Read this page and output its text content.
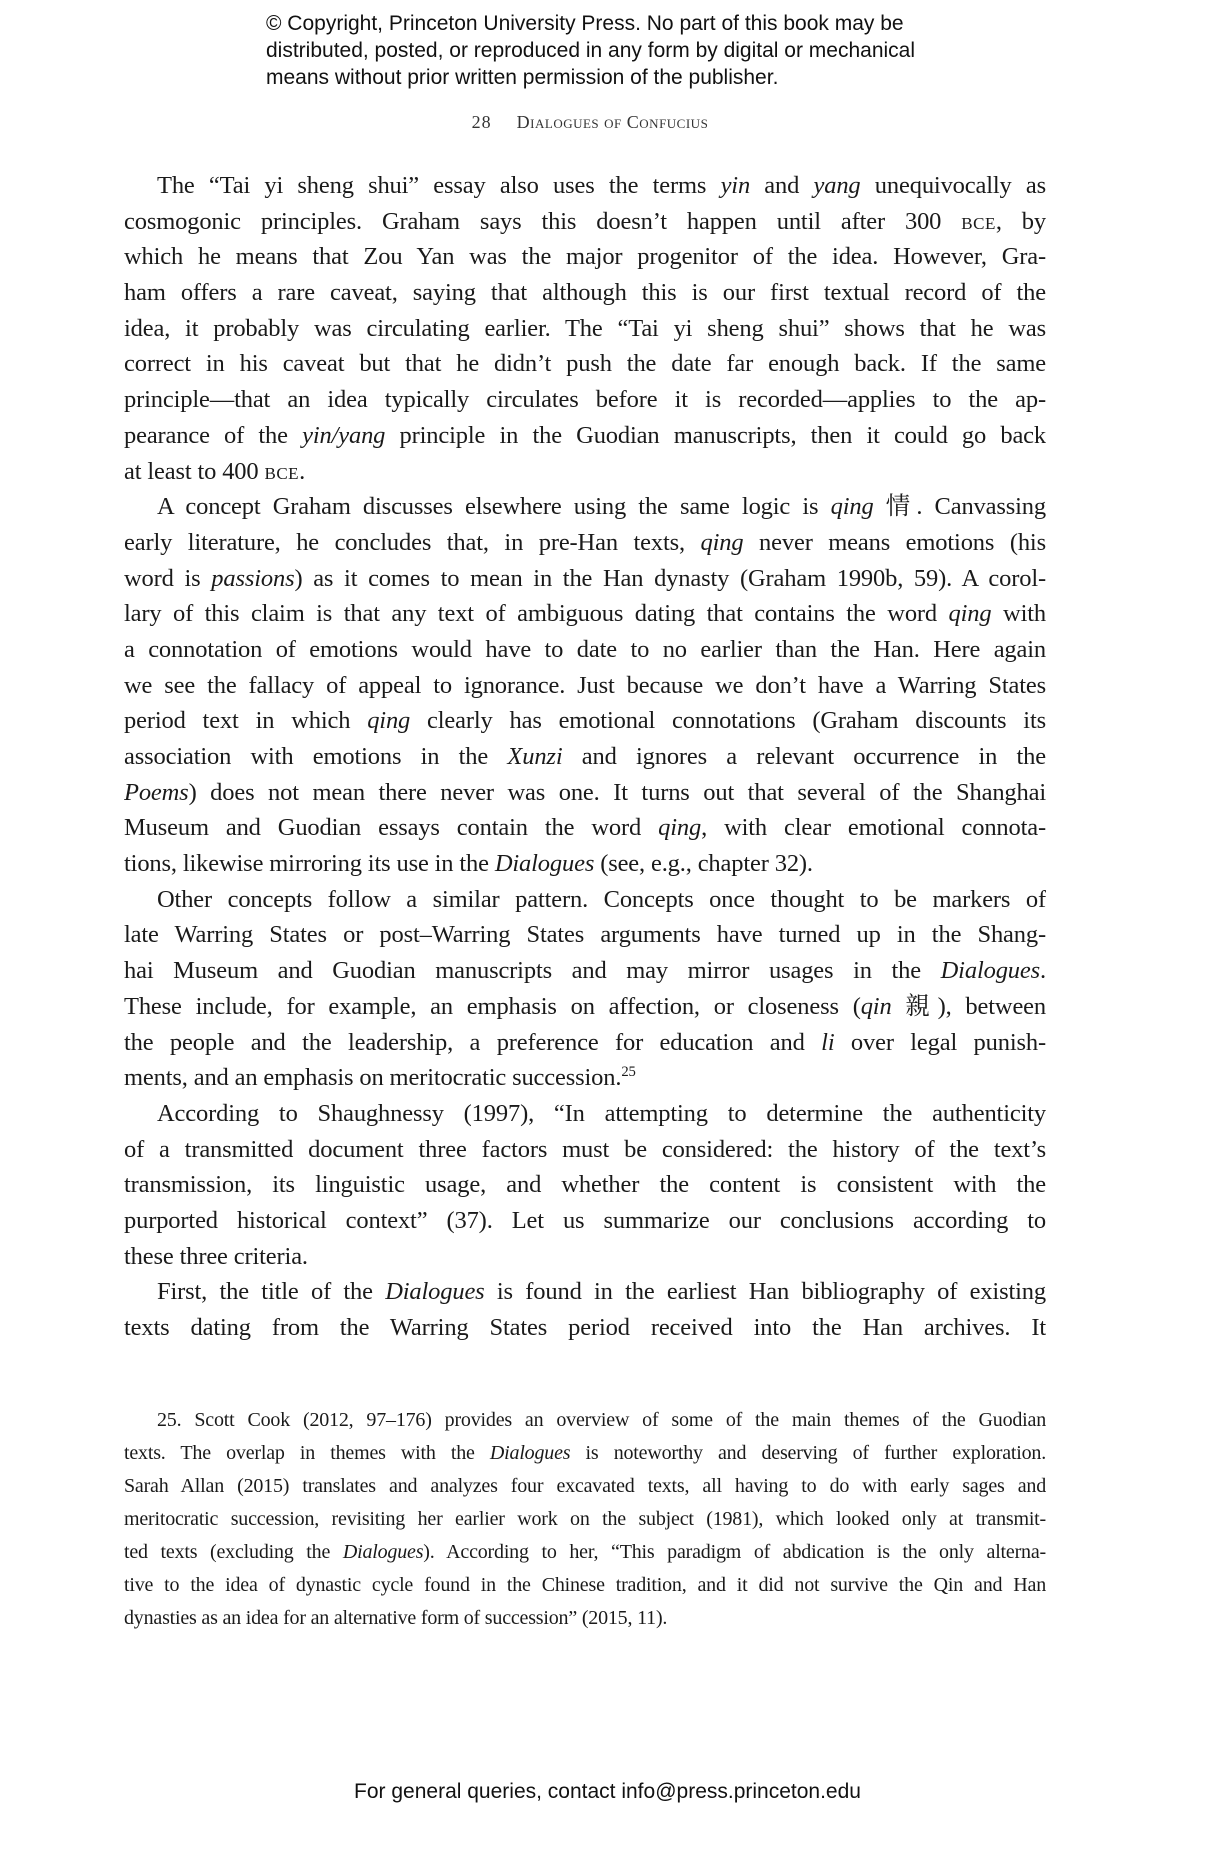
© Copyright, Princeton University Press. No part of this book may be
distributed, posted, or reproduced in any form by digital or mechanical
means without prior written permission of the publisher.
28 Dialogues of Confucius
The “Tai yi sheng shui” essay also uses the terms yin and yang unequivocally as
cosmogonic principles. Graham says this doesn’t happen until after 300 bce, by
which he means that Zou Yan was the major progenitor of the idea. However, Gra-
ham offers a rare caveat, saying that although this is our first textual record of the
idea, it probably was circulating earlier. The “Tai yi sheng shui” shows that he was
correct in his caveat but that he didn’t push the date far enough back. If the same
principle—that an idea typically circulates before it is recorded—applies to the ap-
pearance of the yin/yang principle in the Guodian manuscripts, then it could go back
at least to 400 bce.
A concept Graham discusses elsewhere using the same logic is qing 情. Canvassing
early literature, he concludes that, in pre-Han texts, qing never means emotions (his
word is passions) as it comes to mean in the Han dynasty (Graham 1990b, 59). A corol-
lary of this claim is that any text of ambiguous dating that contains the word qing with
a connotation of emotions would have to date to no earlier than the Han. Here again
we see the fallacy of appeal to ignorance. Just because we don’t have a Warring States
period text in which qing clearly has emotional connotations (Graham discounts its
association with emotions in the Xunzi and ignores a relevant occurrence in the
Poems) does not mean there never was one. It turns out that several of the Shanghai
Museum and Guodian essays contain the word qing, with clear emotional connota-
tions, likewise mirroring its use in the Dialogues (see, e.g., chapter 32).
Other concepts follow a similar pattern. Concepts once thought to be markers of
late Warring States or post–Warring States arguments have turned up in the Shang-
hai Museum and Guodian manuscripts and may mirror usages in the Dialogues.
These include, for example, an emphasis on affection, or closeness (qin 親), between
the people and the leadership, a preference for education and li over legal punish-
ments, and an emphasis on meritocratic succession.$^{25}$
According to Shaughnessy (1997), “In attempting to determine the authenticity
of a transmitted document three factors must be considered: the history of the text’s
transmission, its linguistic usage, and whether the content is consistent with the
purported historical context” (37). Let us summarize our conclusions according to
these three criteria.
First, the title of the Dialogues is found in the earliest Han bibliography of existing
texts dating from the Warring States period received into the Han archives. It
25. Scott Cook (2012, 97–176) provides an overview of some of the main themes of the Guodian
texts. The overlap in themes with the Dialogues is noteworthy and deserving of further exploration.
Sarah Allan (2015) translates and analyzes four excavated texts, all having to do with early sages and
meritocratic succession, revisiting her earlier work on the subject (1981), which looked only at transmit-
ted texts (excluding the Dialogues). According to her, “This paradigm of abdication is the only alterna-
tive to the idea of dynastic cycle found in the Chinese tradition, and it did not survive the Qin and Han
dynasties as an idea for an alternative form of succession” (2015, 11).
For general queries, contact info@press.princeton.edu
